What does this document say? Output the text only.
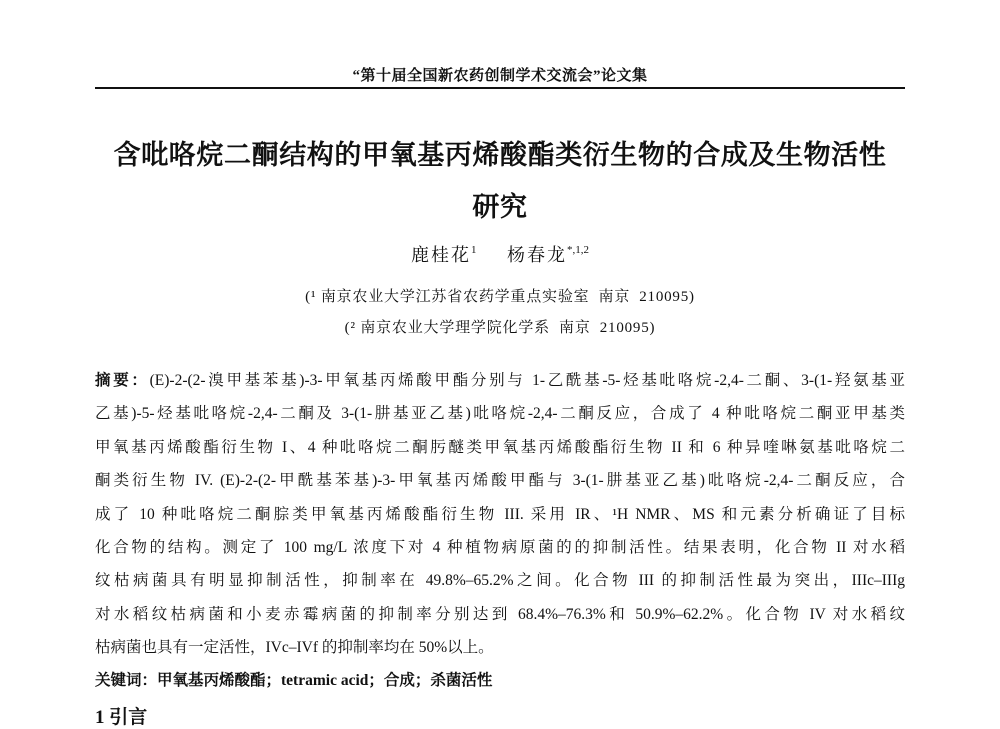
“第十届全国新农药创制学术交流会”论文集
含吡咯烷二酮结构的甲氧基丙烯酸酯类衍生物的合成及生物活性
研究
鹿桂花$^1$ 杨春龙$^{*,1,2}$
(¹ 南京农业大学江苏省农药学重点实验室  南京  210095)
(² 南京农业大学理学院化学系  南京  210095)
摘要：(E)-2-(2-溴甲基苯基)-3-甲氧基丙烯酸甲酯分别与 1-乙酰基-5-烃基吡咯烷-2,4-二酮、3-(1-羟氨基亚
乙基)-5-烃基吡咯烷-2,4-二酮及 3-(1-肼基亚乙基)吡咯烷-2,4-二酮反应，合成了 4 种吡咯烷二酮亚甲基类
甲氧基丙烯酸酯衍生物 I、4 种吡咯烷二酮肟醚类甲氧基丙烯酸酯衍生物 II 和 6 种异喹啉氨基吡咯烷二
酮类衍生物 IV. (E)-2-(2-甲酰基苯基)-3-甲氧基丙烯酸甲酯与 3-(1-肼基亚乙基)吡咯烷-2,4-二酮反应，合
成了 10 种吡咯烷二酮腙类甲氧基丙烯酸酯衍生物 III. 采用 IR、¹H NMR、MS 和元素分析确证了目标
化合物的结构。测定了 100 mg/L 浓度下对 4 种植物病原菌的的抑制活性。结果表明，化合物 II 对水稻
纹枯病菌具有明显抑制活性，抑制率在 49.8%–65.2%之间。化合物 III 的抑制活性最为突出，IIIc–IIIg
对水稻纹枯病菌和小麦赤霉病菌的抑制率分别达到 68.4%–76.3%和 50.9%–62.2%。化合物 IV 对水稻纹
枯病菌也具有一定活性，IVc–IVf 的抑制率均在 50%以上。
关键词：甲氧基丙烯酸酯；tetramic acid；合成；杀菌活性
1 引言
